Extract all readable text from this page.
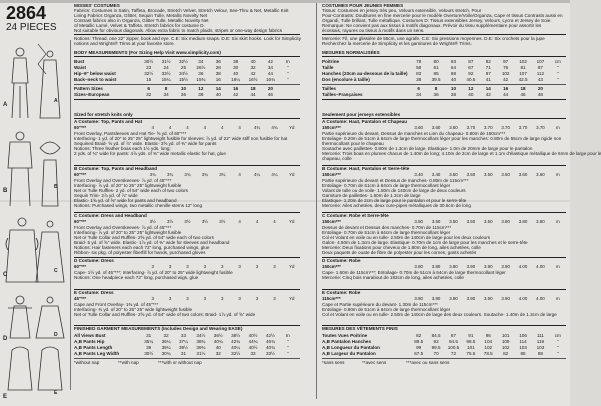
2864
24 PIECES
MISSES' COSTUMES
Fabrics: Costumes in Satin, Taffeta, Brocade, Stretch Velvet, Stretch Velour, See-Thru & Net, Metallic Knit
Lining Fabrics Organza, Glitter, Sequin Tulle, Metallic Novelty Net
Contrast fabrics also in Organza, Glitter Tulle, Metallic Novelty Net
of Metallic Lamé, Velvet & Taffeta. Stretch fabrics for costume D.
Not suitable for obvious diagonals. Allow extra fabric to match plaids, stripes or one-way design fabrics
Notions: Thread, one 22" zipper, book and eye. C.E: Six medium snaps. D.E: Six skirt hooks. Look for Simplicity
notions and Wrights® Trims at your favorite store.
COSTUMES POUR JEUNES FEMMES
Tissus: Costumes en jersey très peu, Velours extensible, Velours stretch, Pour
Pour-Contrasts: Doublures en fine mercerie pour le modèle Overture/Voile/Organza, Cape et tissus Contrasts aussi en
Organdi, Tulle brillant, Tulle métallique. Costumes D: Tissus extensibles Jersey, Velours, Lycra et Jersey de Soie.
Remarque: Ne convient pas aux tissus à motifs diagonaux. Prévoir du tissu supplémentaire pour assortir les
écossais, rayures ou tissus à motifs dans un sens.
Mercerie: Fil, une glissière de 55cm, une agrafe. C.E: Six pressions moyennes. D.E: Six crochets pour la jupe
Recherchez la mercerie de Simplicity et les garnitures de Wrights® Trims.
BODY MEASUREMENTS (For Sizing Help Visit www.simplicity.com)
Bust	30½	31½	32½	34	36	38	40	42	In
Waist	23	24	25	26½	28	30	32	34	"
Hip–9" below waist	32½	33½	34½	36	38	40	42	44	"
Back–neck to waist	15	15¼	15½	15¾	16	16¼	16½	16¾	"
Pattern Sizes	6	8	10	12	14	16	18	20
Sizes–European	32	34	36	38	40	42	44	46
MESURES NORMALISÉES
Poitrine	78	80	83	87	92	97	102	107	cm
Taille	58	61	64	67	71	76	81	87	"
Hanches (23cm au-dessous de la taille)	83	85	88	92	97	102	107	112	"
Dos (encolure à taille)	38	39.5	40	40.5	41	42	42.5	43	"
Tailles	6	8	10	12	14	16	18	20
Tailles–Françaises	34	36	38	40	42	44	46	48
Sized for stretch knits only	Seulement pour jerseys extensibles
A Costume: Top, Pants and Hat
60"***	4	4	4	4	4	4	4¾	4¾	Yd
Front Overlay, Pantsleeves and Hat Tie- ⅝ yd. of 60"***
Interfacing- 1 yd. of 20" to 25" 25" lightweight fusible for sleeves: ⅞ yd. of 22" wide stiff non fusible for hat
Sequined Braid- ⅝ yd. of ⅞" wide. Elastic- 3⅝ yd. of ⅜" wide for pants
Notions: Three feather boas each 1½ yds. long;
2 yds. of ¾" wide for pants: 4⅞ yds. of ⅜" wide metallic elastic for hat, glue
B Costume: Top, Pants and Headband
60"***	3¾	3¾	3¾	3¾	3¾	4	4¼	4¼	Yd
Front Overlay and Overskeeves- ⅞ yd. of 45"***
Interfacing- ⅞ yd. of 20" to 25" 25" lightweight fusible
Net or Tulle Ruffles- 2 yd. of 54" wide each of two colors
Sequin Trim- 2⅞ yd. of ⅞" wide
Elastic- 1⅝ yd. of ⅝" wide for pants and headband
Notions: Purchased wings, two metallic chenille stems 12" long
C Costume: Dress and Headband
60"***	3½	3½	3½	3½	3½	4	4	4	Yd
Front Overlay and Overskeeves- ⅞ yd. of 45"***
Interfacing- ⅞ yd. of 20" to 25" 25" lightweight fusible
Net or Tulle Collar and Ruffles- 2⅝ yd. of 54" wide each of two colors
Braid- 5 yd. of ⅝" wide. Elastic- 1⅞ yd. of ⅜" wide for sleeves and headband
Notions: Hair fasteners each each 72" long, purchased wings, glue
Ribbon- six pkg. of polyester fiberfill for hands, purchased gloves
D Costume: Dress
60"***	3	3	3	3	3	3	3	3	Yd
Cape- 1½ yd. of 45"***; Interfacing- ⅞ yd. of 20" to 25" wide lightweight fusible
Notions: One headpiece each 72" long, purchased wigs, glue
E Costume: Dress
45"***	3	3	3	3	3	3	3	3	Yd
Cape and Front Overlay- 1⅜ yd. of 45"***
Interfacing- ⅜ yd. of 20" to 25" 25" wide lightweight fusible
Net or Tulle Collar and Ruffles- 2⅝ yd. of 54" wide of two colors; Braid- 1⅞ yd. of ⅝" wide
A Costume: Haut, Pantalon et Chapeau
150cm***	3.60	3.60	3.60	3.70	3.70	3.70	3.70	3.70	m
Partie supérieure du devant, Dessus de manches et Lien du chapeau- 0.80m de 150cm***
Entoilage- 0.20m de 51cm à 64cm de large thermocollant léger pour les manches: 0.80m de 55cm de large rigide non
thermocollant pour le chapeau
Soutache avec paillettes- 0.80m de 1.3cm de large. Elastique- 1.0m de 20mm de large pour le pantalon
Mercerie: Trois boas en plumes chacun de 1.40m de long; 4.10m de 2cm de large et 1.1m d'élastique métallique de 6mm de large pour le
chapeau, colle
B Costume: Haut, Pantalon et Serre-tête
150cm***	3.40	3.40	3.50	3.50	3.50	3.50	3.60	3.60	m
Partie supérieure du devant et Dessus de manches- 0.80m de 115cm***
Entoilage- 0.70m de 51cm à 64cm de large thermocollant léger
Volant de tulle ou de voile- 1.80m de 140cm de large de deux couleurs
Garniture de paillettes- 1.60m de 1.3cm de large
Elastique- 1.20m de 2cm de large pour le pantalon et pour le serre-tête
Mercerie: Ailes achetées, deux cure-pipes métalliques de 30.5cm de long
C Costume: Robe et Serre-tête
150cm***	3.50	3.50	3.50	3.50	3.50	3.80	3.80	3.80	m
Dessus de devant et Dessus des manches- 0.70m de 115cm***
Entoilage- 0.70m de 51cm à 64cm de large thermocollant léger
Col et Volant en voile ou en tulle- 2.50m de 140cm de large pour les deux couleurs
Galon- 4.50m de 1.3cm de large. Elastique- 0.70m de 1cm de large pour les manches et le serre-tête
Mercerie: Deux fixations pour cheveux de 1.80m de long, ailes achetées, colle
Deux paquets de ouate de fibre de polyester pour les cornes, gants achetés
D Costume: Robe
150cm***	3.80	3.80	3.80	3.90	3.90	3.90	4.00	4.00	m
Cape- 1.60m de 115cm***; Entoilage- 0.70m de 51cm à 64cm de large thermocollant léger
Mercerie: Cinq bois marabout de 183cm de long, ailes achetées, colle
E Costume: Robe
115cm***	3.80	3.80	3.90	3.90	3.90	3.90	4.00	4.00	m
Cape et Partie supérieure du devant- 1.30m de 115cm***
Entoilage- 0.80m de 51cm à 64cm de large thermocollant léger
Col et Volant en voile ou en tulle- 2.50m de 140cm de large des deux couleurs. Soutache- 1.40m de 1.3cm de large
FINISHED GARMENT MEASUREMENTS (Includes Design and Wearing EASE)
All Views Bust	31	32	33	34½	36½	38½	40½	42½	In
A,B Pants Hip	35¼	36¼	37¼	38¾	40¾	42¾	44¾	46¾	"
A,B Pants Length	39	39¼	39½	39¾	40	40¼	40½	40¾	"
A,B Pants Leg Width	30½	30¾	31	31½	32	32½	33	33½	"
*without nap	**with nap	***with or without nap
MESURES DES VÊTEMENTS FINIS
Toutes Vues Poitrine	82	84.5	87	91	96	101	106	111	cm
A,B Pantalon Hanches	89.5	92	94.5	98.5	104	109	114	119	"
A,B Longueur du Pantalon	99	99.5	100.5	101	102	102	103	103	"
A,B Largeur du Pantalon	67.5	70	72	75.5	78.5	82	85	88	"
*sans sens	**avec sens	***avec ou sans sens
A
B
C
D
E
A
B
C
D
E
